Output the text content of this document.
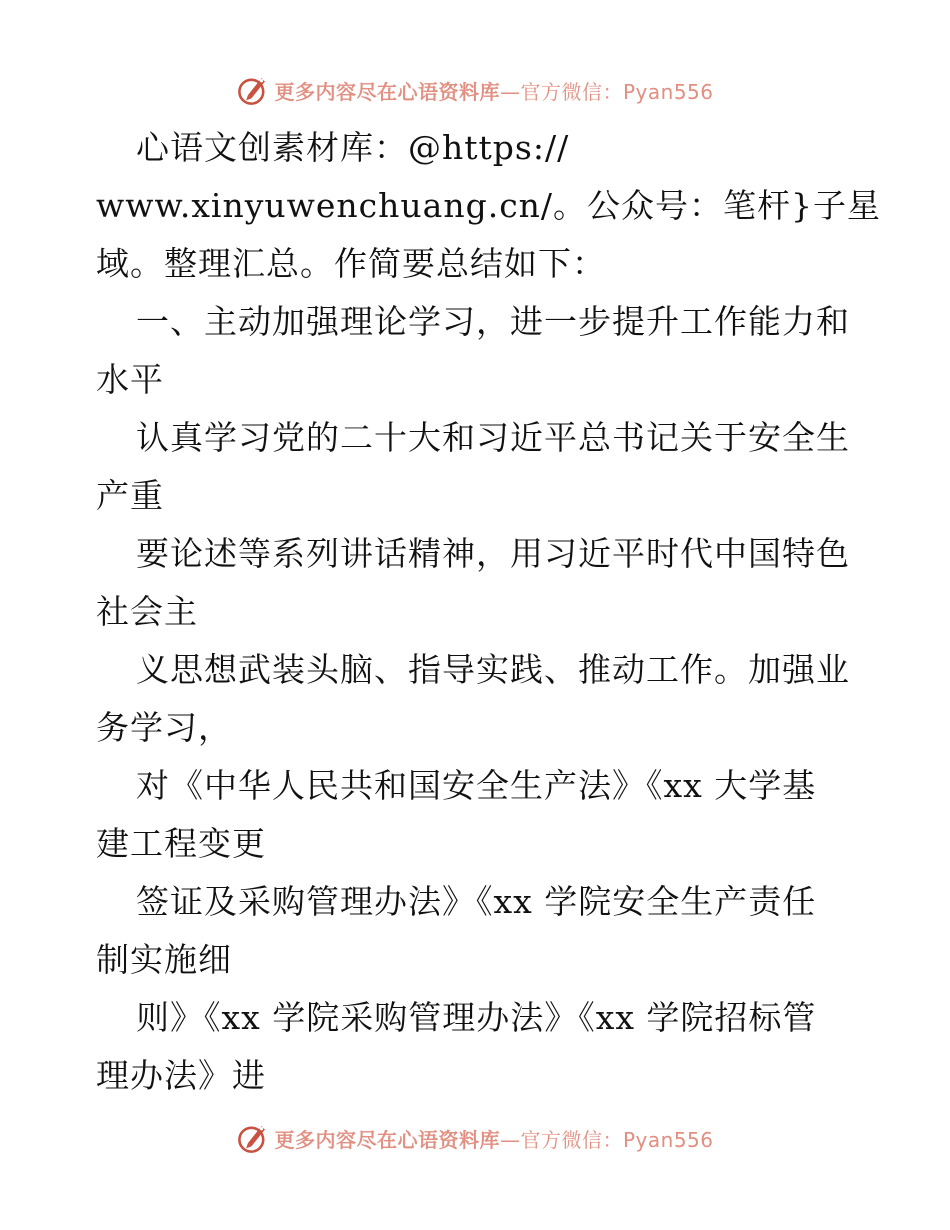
更多内容尽在心语资料库—官方微信：Pyan556
心语文创素材库：@https://
www.xinyuwenchuang.cn/。公众号：笔杆}子星
域。整理汇总。作简要总结如下：
一、主动加强理论学习，进一步提升工作能力和
水平
认真学习党的二十大和习近平总书记关于安全生
产重
要论述等系列讲话精神，用习近平时代中国特色
社会主
义思想武装头脑、指导实践、推动工作。加强业
务学习，
对《中华人民共和国安全生产法》《xx 大学基
建工程变更
签证及采购管理办法》《xx 学院安全生产责任
制实施细
则》《xx 学院采购管理办法》《xx 学院招标管
理办法》进
更多内容尽在心语资料库—官方微信：Pyan556
